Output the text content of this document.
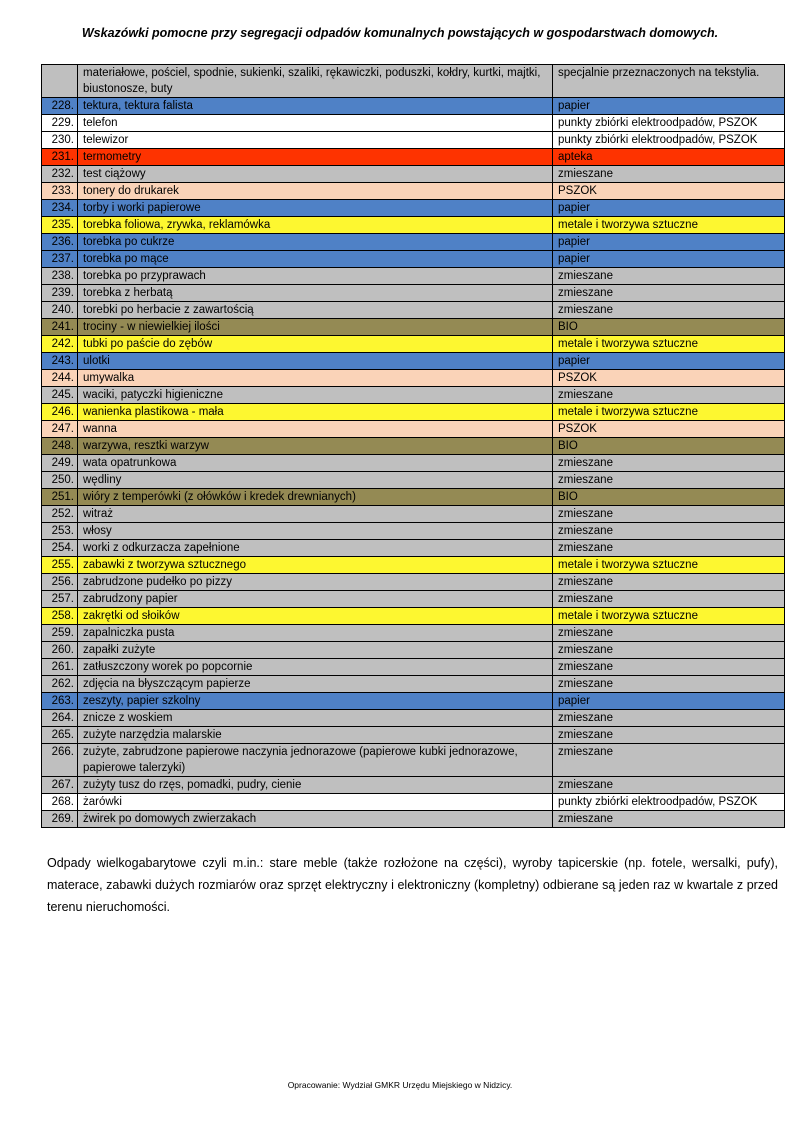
Wskazówki pomocne przy segregacji odpadów komunalnych powstających w gospodarstwach domowych.
	materiałowe, pościel, spodnie, sukienki, szaliki, rękawiczki, poduszki, kołdry, kurtki, majtki, biustonosze, buty	specjalnie przeznaczonych na tekstylia.
228.	tektura, tektura falista	papier
229.	telefon	punkty zbiórki elektroodpadów, PSZOK
230.	telewizor	punkty zbiórki elektroodpadów, PSZOK
231.	termometry	apteka
232.	test ciążowy	zmieszane
233.	tonery do drukarek	PSZOK
234.	torby i worki papierowe	papier
235.	torebka foliowa, zrywka, reklamówka	metale i tworzywa sztuczne
236.	torebka po cukrze	papier
237.	torebka po mące	papier
238.	torebka po przyprawach	zmieszane
239.	torebka z herbatą	zmieszane
240.	torebki po herbacie z zawartością	zmieszane
241.	trociny - w niewielkiej ilości	BIO
242.	tubki po paście do zębów	metale i tworzywa sztuczne
243.	ulotki	papier
244.	umywalka	PSZOK
245.	waciki, patyczki higieniczne	zmieszane
246.	wanienka plastikowa - mała	metale i tworzywa sztuczne
247.	wanna	PSZOK
248.	warzywa, resztki warzyw	BIO
249.	wata opatrunkowa	zmieszane
250.	wędliny	zmieszane
251.	wióry z temperówki (z ołówków i kredek drewnianych)	BIO
252.	witraż	zmieszane
253.	włosy	zmieszane
254.	worki z odkurzacza zapełnione	zmieszane
255.	zabawki z tworzywa sztucznego	metale i tworzywa sztuczne
256.	zabrudzone pudełko po pizzy	zmieszane
257.	zabrudzony papier	zmieszane
258.	zakrętki od słoików	metale i tworzywa sztuczne
259.	zapalniczka pusta	zmieszane
260.	zapałki zużyte	zmieszane
261.	zatłuszczony worek po popcornie	zmieszane
262.	zdjęcia na błyszczącym papierze	zmieszane
263.	zeszyty, papier szkolny	papier
264.	znicze z woskiem	zmieszane
265.	zużyte narzędzia malarskie	zmieszane
266.	zużyte, zabrudzone papierowe naczynia jednorazowe (papierowe kubki jednorazowe, papierowe talerzyki)	zmieszane
267.	zużyty tusz do rzęs, pomadki, pudry, cienie	zmieszane
268.	żarówki	punkty zbiórki elektroodpadów, PSZOK
269.	żwirek po domowych zwierzakach	zmieszane
Odpady wielkogabarytowe czyli m.in.: stare meble (także rozłożone na części), wyroby tapicerskie (np. fotele, wersalki, pufy), materace, zabawki dużych rozmiarów oraz sprzęt elektryczny i elektroniczny (kompletny) odbierane są jeden raz w kwartale z przed terenu nieruchomości.
Opracowanie: Wydział GMKR Urzędu Miejskiego w Nidzicy.
